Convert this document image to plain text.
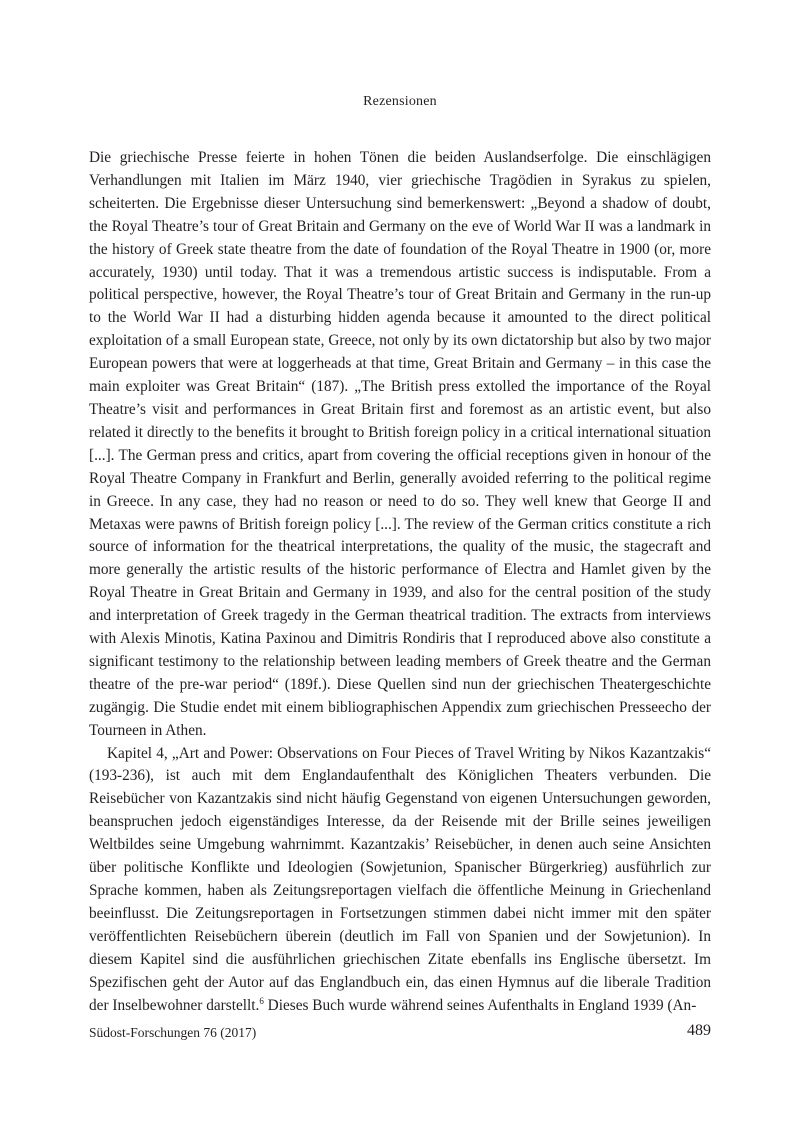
Rezensionen

Die griechische Presse feierte in hohen Tönen die beiden Auslandserfolge. Die einschlägigen Verhandlungen mit Italien im März 1940, vier griechische Tragödien in Syrakus zu spielen, scheiterten. Die Ergebnisse dieser Untersuchung sind bemerkenswert: „Beyond a shadow of doubt, the Royal Theatre’s tour of Great Britain and Germany on the eve of World War II was a landmark in the history of Greek state theatre from the date of foundation of the Royal Theatre in 1900 (or, more accurately, 1930) until today. That it was a tremendous artistic success is indisputable. From a political perspective, however, the Royal Theatre’s tour of Great Britain and Germany in the run-up to the World War II had a disturbing hidden agenda because it amounted to the direct political exploitation of a small European state, Greece, not only by its own dictatorship but also by two major European powers that were at loggerheads at that time, Great Britain and Germany – in this case the main exploiter was Great Britain“ (187). „The British press extolled the importance of the Royal Theatre’s visit and performances in Great Britain first and foremost as an artistic event, but also related it directly to the benefits it brought to British foreign policy in a critical international situation [...]. The German press and critics, apart from covering the official receptions given in honour of the Royal Theatre Company in Frankfurt and Berlin, generally avoided referring to the political regime in Greece. In any case, they had no reason or need to do so. They well knew that George II and Metaxas were pawns of British foreign policy [...]. The review of the German critics constitute a rich source of information for the theatrical interpretations, the quality of the music, the stagecraft and more generally the artistic results of the historic performance of Electra and Hamlet given by the Royal Theatre in Great Britain and Germany in 1939, and also for the central position of the study and interpretation of Greek tragedy in the German theatrical tradition. The extracts from interviews with Alexis Minotis, Katina Paxinou and Dimitris Rondiris that I reproduced above also constitute a significant testimony to the relationship between leading members of Greek theatre and the German theatre of the pre-war period“ (189f.). Diese Quellen sind nun der griechischen Theatergeschichte zugängig. Die Studie endet mit einem bibliographischen Appendix zum griechischen Presseecho der Tourneen in Athen.

Kapitel 4, „Art and Power: Observations on Four Pieces of Travel Writing by Nikos Kazantzakis“ (193-236), ist auch mit dem Englandaufenthalt des Königlichen Theaters verbunden. Die Reisebücher von Kazantzakis sind nicht häufig Gegenstand von eigenen Untersuchungen geworden, beanspruchen jedoch eigenständiges Interesse, da der Reisende mit der Brille seines jeweiligen Weltbildes seine Umgebung wahrnimmt. Kazantzakis’ Reisebücher, in denen auch seine Ansichten über politische Konflikte und Ideologien (Sowjetunion, Spanischer Bürgerkrieg) ausführlich zur Sprache kommen, haben als Zeitungsreportagen vielfach die öffentliche Meinung in Griechenland beeinflusst. Die Zeitungsreportagen in Fortsetzungen stimmen dabei nicht immer mit den später veröffentlichten Reisebüchern überein (deutlich im Fall von Spanien und der Sowjetunion). In diesem Kapitel sind die ausführlichen griechischen Zitate ebenfalls ins Englische übersetzt. Im Spezifischen geht der Autor auf das Englandbuch ein, das einen Hymnus auf die liberale Tradition der Inselbewohner darstellt.$^6$ Dieses Buch wurde während seines Aufenthalts in England 1939 (An-

Südost-Forschungen 76 (2017)	489
